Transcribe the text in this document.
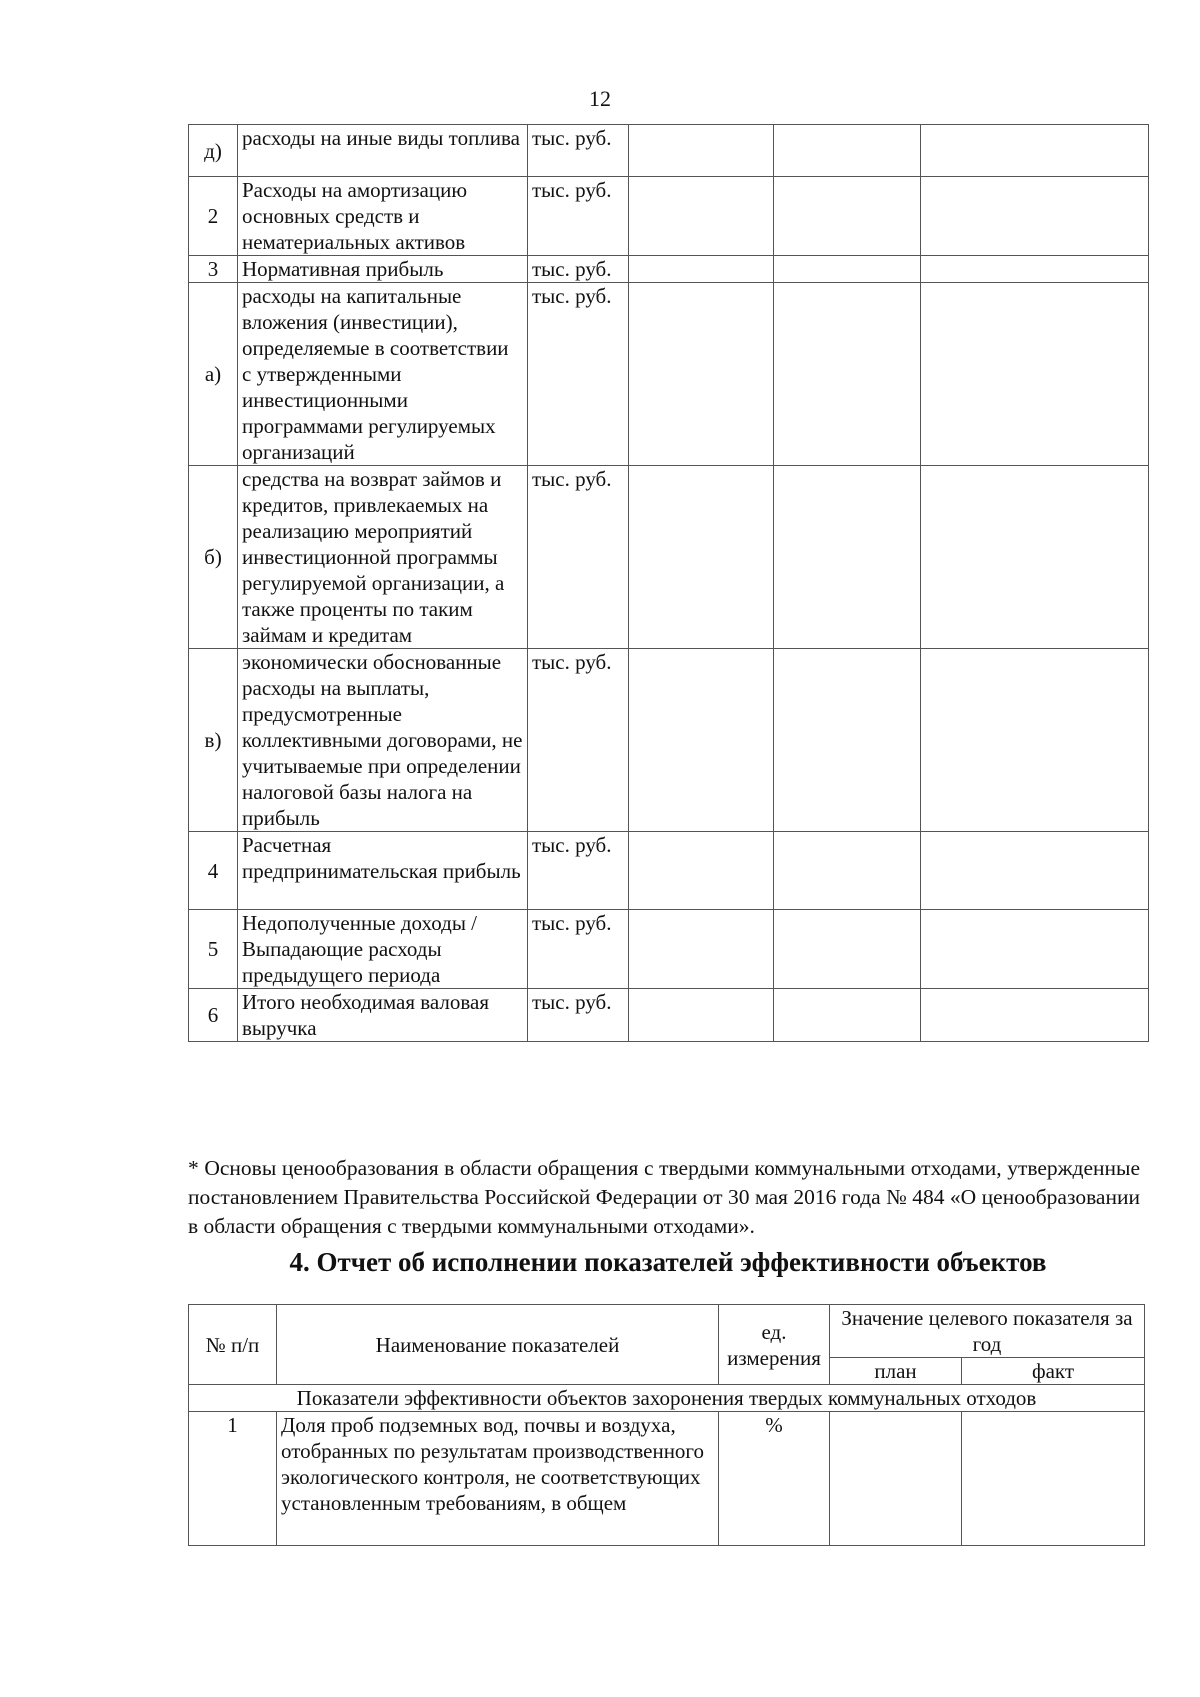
12
д)	расходы на иные виды топлива	тыс. руб.			
2	Расходы на амортизацию основных средств и нематериальных активов	тыс. руб.			
3	Нормативная прибыль	тыс. руб.			
а)	расходы на капитальные вложения (инвестиции), определяемые в соответствии с утвержденными инвестиционными программами регулируемых организаций	тыс. руб.			
б)	средства на возврат займов и кредитов, привлекаемых на реализацию мероприятий инвестиционной программы регулируемой организации, а также проценты по таким займам и кредитам	тыс. руб.			
в)	экономически обоснованные расходы на выплаты, предусмотренные коллективными договорами, не учитываемые при определении налоговой базы налога на прибыль	тыс. руб.			
4	Расчетная предпринимательская прибыль	тыс. руб.			
5	Недополученные доходы / Выпадающие расходы предыдущего периода	тыс. руб.			
6	Итого необходимая валовая выручка	тыс. руб.			

* Основы ценообразования в области обращения с твердыми коммунальными отходами, утвержденные постановлением Правительства Российской Федерации от 30 мая 2016 года № 484 «О ценообразовании в области обращения с твердыми коммунальными отходами».

4. Отчет об исполнении показателей эффективности объектов
№ п/п	Наименование показателей	ед. измерения	Значение целевого показателя за год	
			план	факт
Показатели эффективности объектов захоронения твердых коммунальных отходов				
1	Доля проб подземных вод, почвы и воздуха, отобранных по результатам производственного экологического контроля, не соответствующих установленным требованиям, в общем	%		
